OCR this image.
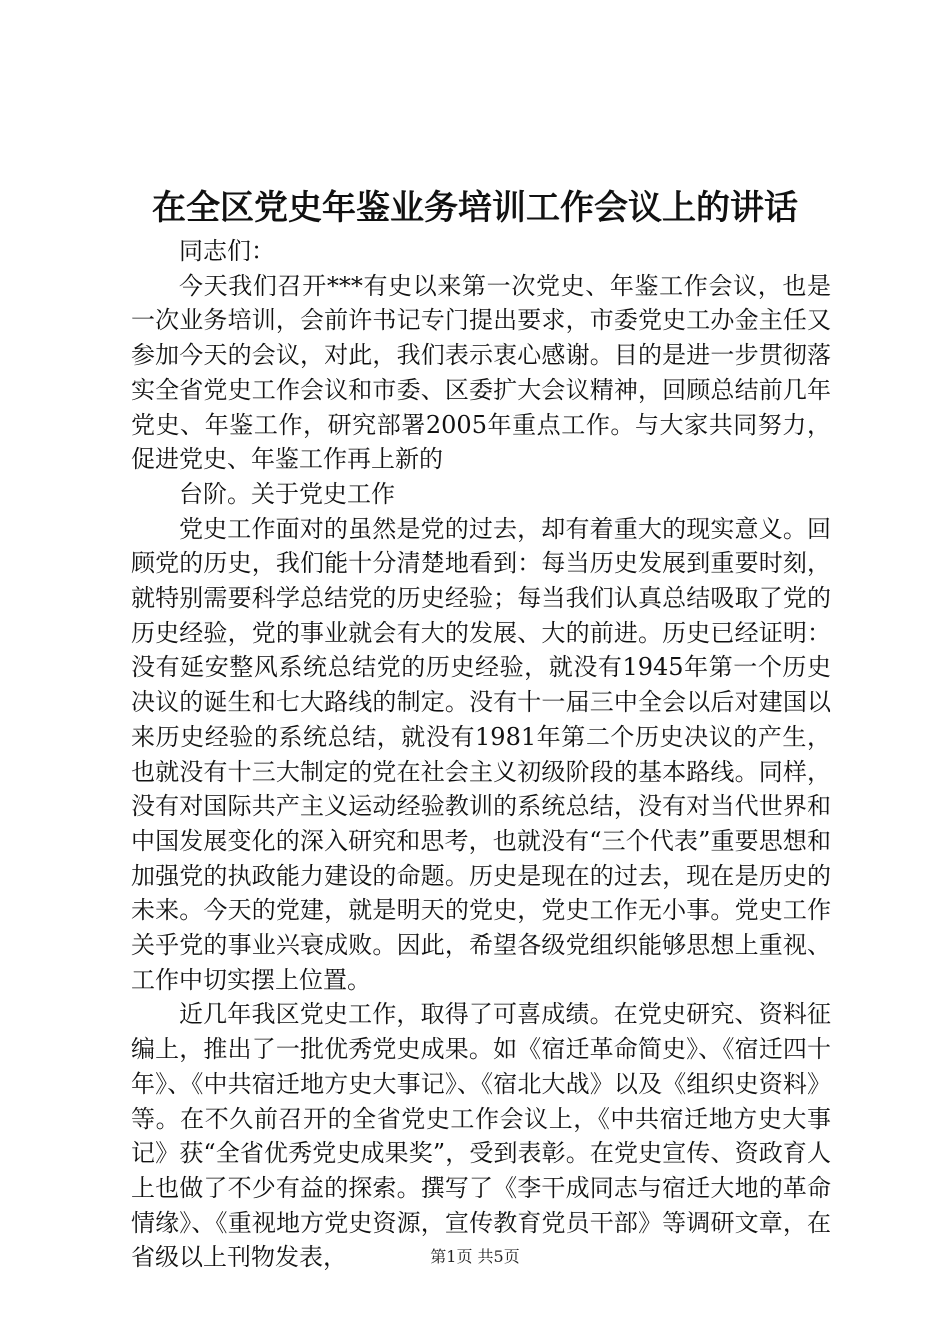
在全区党史年鉴业务培训工作会议上的讲话

同志们：

今天我们召开***有史以来第一次党史、年鉴工作会议，也是一次业务培训，会前许书记专门提出要求，市委党史工办金主任又参加今天的会议，对此，我们表示衷心感谢。目的是进一步贯彻落实全省党史工作会议和市委、区委扩大会议精神，回顾总结前几年党史、年鉴工作，研究部署2005年重点工作。与大家共同努力，促进党史、年鉴工作再上新的

台阶。关于党史工作

党史工作面对的虽然是党的过去，却有着重大的现实意义。回顾党的历史，我们能十分清楚地看到：每当历史发展到重要时刻，就特别需要科学总结党的历史经验；每当我们认真总结吸取了党的历史经验，党的事业就会有大的发展、大的前进。历史已经证明：没有延安整风系统总结党的历史经验，就没有1945年第一个历史决议的诞生和七大路线的制定。没有十一届三中全会以后对建国以来历史经验的系统总结，就没有1981年第二个历史决议的产生，也就没有十三大制定的党在社会主义初级阶段的基本路线。同样，没有对国际共产主义运动经验教训的系统总结，没有对当代世界和中国发展变化的深入研究和思考，也就没有“三个代表”重要思想和加强党的执政能力建设的命题。历史是现在的过去，现在是历史的未来。今天的党建，就是明天的党史，党史工作无小事。党史工作关乎党的事业兴衰成败。因此，希望各级党组织能够思想上重视、工作中切实摆上位置。

近几年我区党史工作，取得了可喜成绩。在党史研究、资料征编上，推出了一批优秀党史成果。如《宿迁革命简史》、《宿迁四十年》、《中共宿迁地方史大事记》、《宿北大战》以及《组织史资料》等。在不久前召开的全省党史工作会议上，《中共宿迁地方史大事记》获“全省优秀党史成果奖”，受到表彰。在党史宣传、资政育人上也做了不少有益的探索。撰写了《李干成同志与宿迁大地的革命情缘》、《重视地方党史资源，宣传教育党员干部》等调研文章，在省级以上刊物发表，	第1页 共5页
